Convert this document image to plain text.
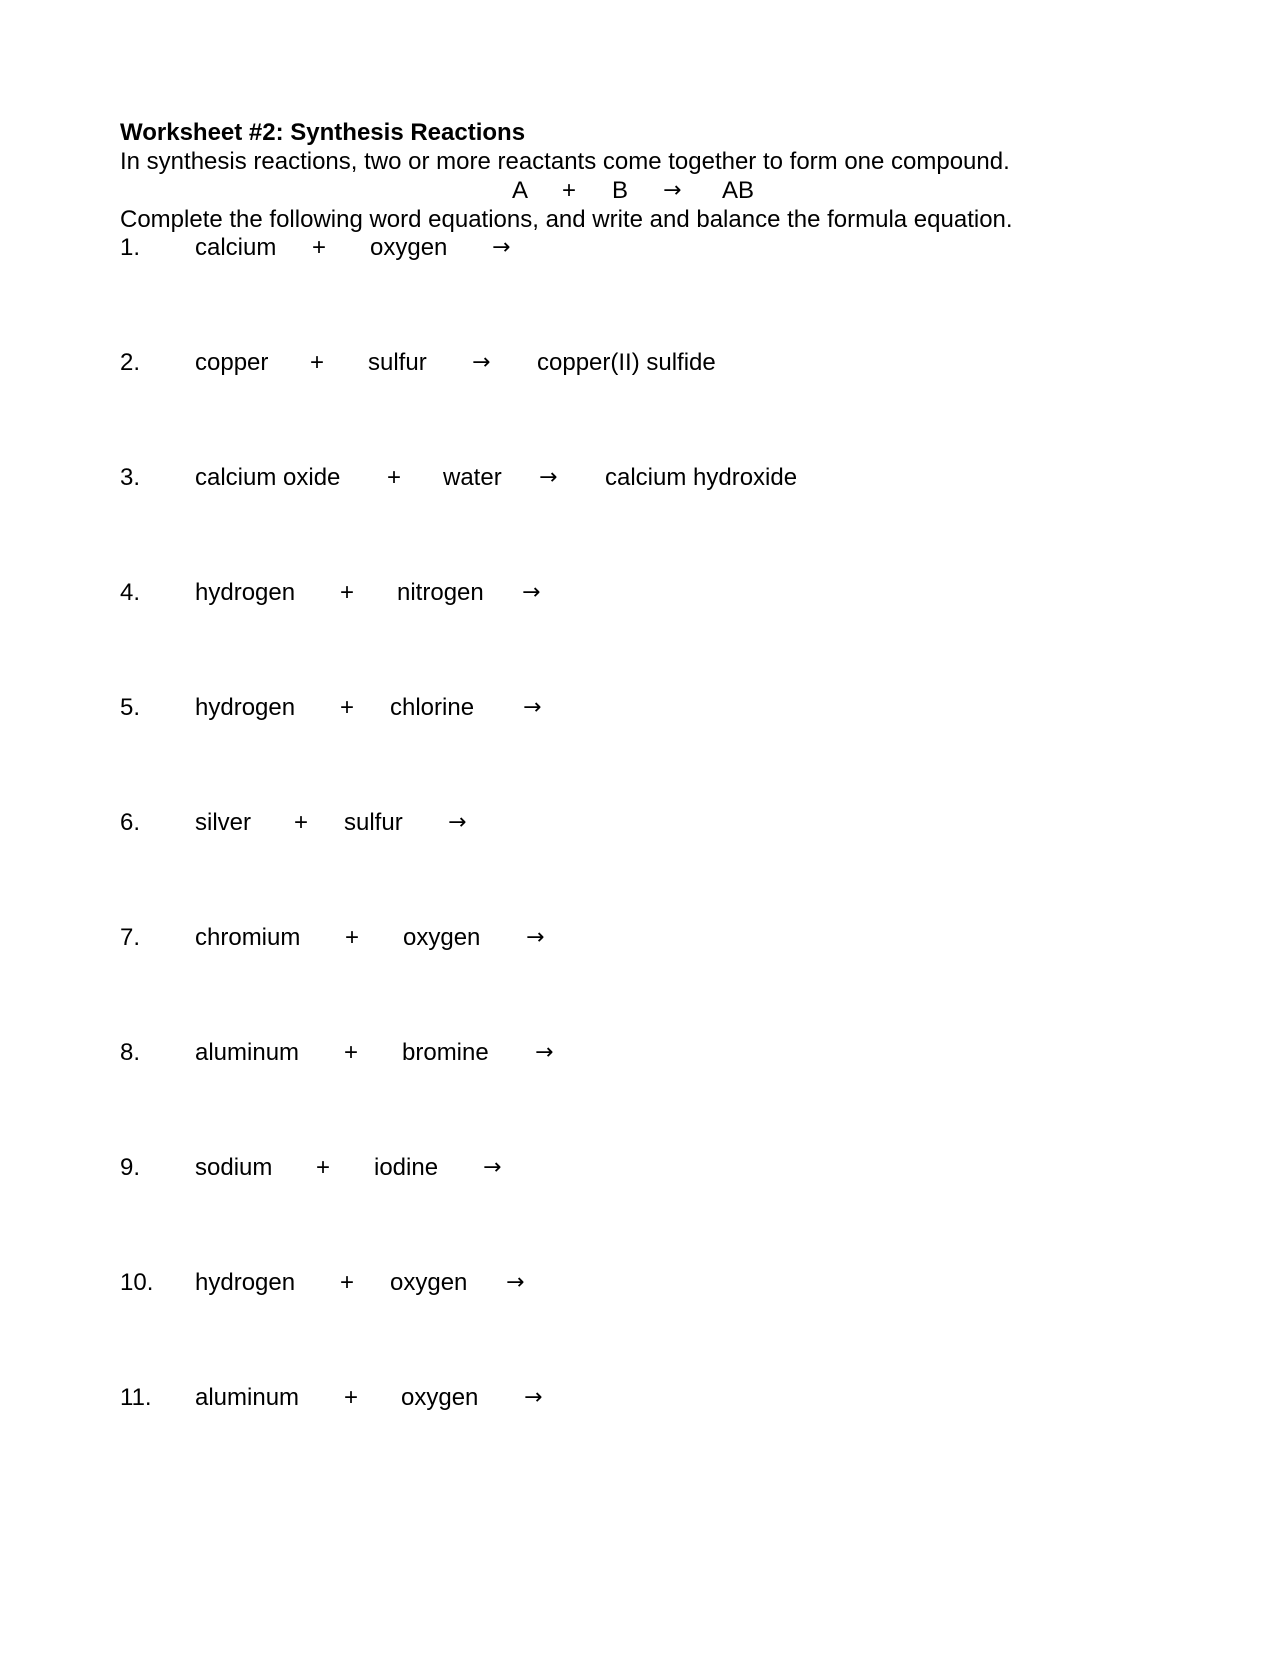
Worksheet #2: Synthesis Reactions
In synthesis reactions, two or more reactants come together to form one compound.
A + B → AB
Complete the following word equations, and write and balance the formula equation.
1. calcium + oxygen →
2. copper + sulfur → copper(II) sulfide
3. calcium oxide + water → calcium hydroxide
4. hydrogen + nitrogen →
5. hydrogen + chlorine →
6. silver + sulfur →
7. chromium + oxygen →
8. aluminum + bromine →
9. sodium + iodine →
10. hydrogen + oxygen →
11. aluminum + oxygen →
